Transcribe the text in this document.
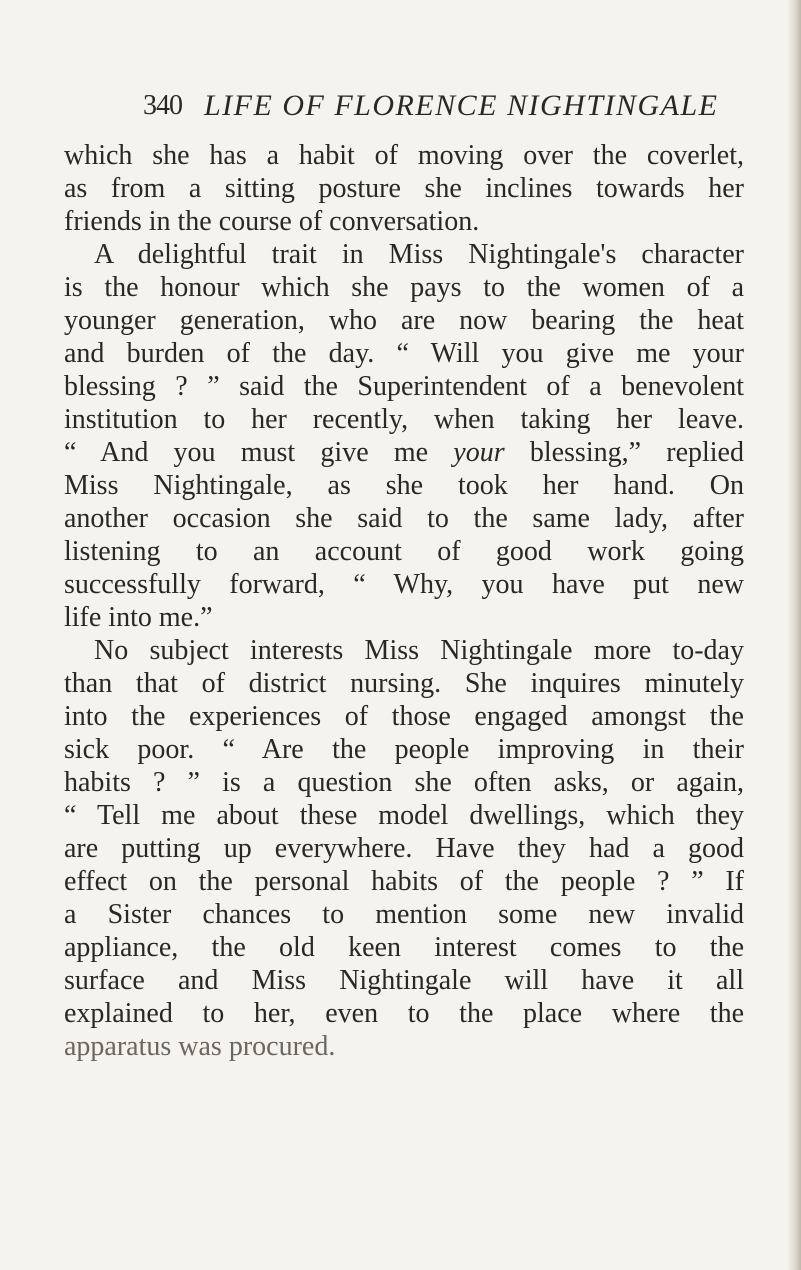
340 LIFE OF FLORENCE NIGHTINGALE
which she has a habit of moving over the coverlet,
as from a sitting posture she inclines towards her
friends in the course of conversation.
A delightful trait in Miss Nightingale's character
is the honour which she pays to the women of a
younger generation, who are now bearing the heat
and burden of the day. “ Will you give me your
blessing ? ” said the Superintendent of a benevolent
institution to her recently, when taking her leave.
“ And you must give me your blessing,” replied
Miss Nightingale, as she took her hand. On
another occasion she said to the same lady, after
listening to an account of good work going
successfully forward, “ Why, you have put new
life into me.”
No subject interests Miss Nightingale more to-day
than that of district nursing. She inquires minutely
into the experiences of those engaged amongst the
sick poor. “ Are the people improving in their
habits ? ” is a question she often asks, or again,
“ Tell me about these model dwellings, which they
are putting up everywhere. Have they had a good
effect on the personal habits of the people ? ” If
a Sister chances to mention some new invalid
appliance, the old keen interest comes to the
surface and Miss Nightingale will have it all
explained to her, even to the place where the
apparatus was procured.
